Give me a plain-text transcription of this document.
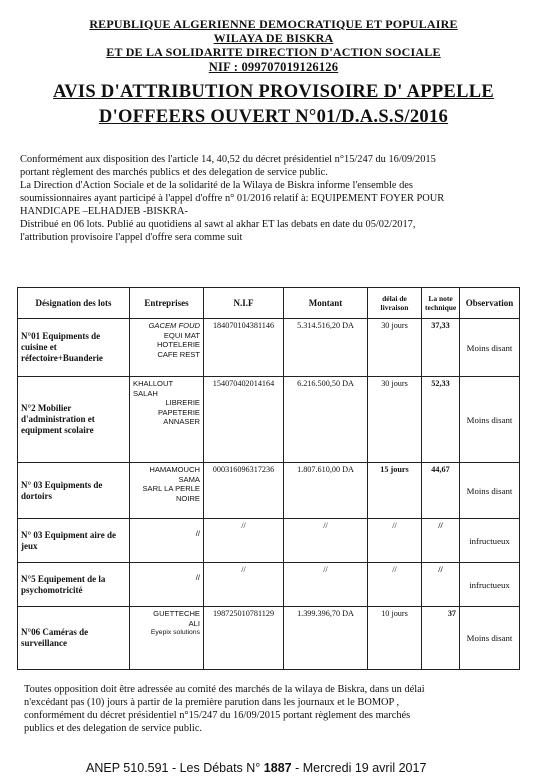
REPUBLIQUE ALGERIENNE DEMOCRATIQUE ET POPULAIRE
WILAYA DE BISKRA
ET DE LA SOLIDARITE DIRECTION D'ACTION SOCIALE
NIF : 099707019126126
AVIS D'ATTRIBUTION PROVISOIRE D' APPELLE
D'OFFEERS OUVERT N°01/D.A.S.S/2016
Conformément aux disposition des l'article 14, 40,52 du décret présidentiel n°15/247 du 16/09/2015
portant règlement des marchés publics et des delegation de service public.
La Direction d'Action Sociale et de la solidarité de la Wilaya de Biskra informe l'ensemble des
soumissionnaires ayant participé à l'appel d'offre n° 01/2016 relatif à: EQUIPEMENT FOYER POUR
HANDICAPE –ELHADJEB -BISKRA-
Distribué en 06 lots. Publié au quotidiens al sawt al akhar ET las debats en date du 05/02/2017,
l'attribution provisoire l'appel d'offre sera comme suit
Désignation des lots	Entreprises	N.I.F	Montant	délai de livraison	La note technique	Observation
N°01 Equipments de cuisine et réfectoire+Buanderie	GACEM FOUD
EQUI MAT
HOTELERIE
CAFE REST	184070104381146	5.314.516,20 DA	30 jours	37,33	Moins disant
N°2 Mobilier d'administration et equipment scolaire	KHALLOUT
SALAH
LIBRERIE
PAPETERIE
ANNASER	154070402014164	6.216.500,50 DA	30 jours	52,33	Moins disant
N° 03 Equipments de dortoirs	HAMAMOUCH
SAMA
SARL LA PERLE
NOIRE	000316096317236	1.807.610,00 DA	15 jours	44,67	Moins disant
N° 03 Equipment aire de jeux	//	//	//	//	//	infructueux
N°5 Equipement de la psychomotricité	//	//	//	//	//	infructueux
N°06 Caméras de surveillance	GUETTECHE
ALI
Eyepix solutions	198725010781129	1.399.396,70 DA	10 jours	37	Moins disant
Toutes opposition doit être adressée au comité des marchés de la wilaya de Biskra, dans un délai
n'excédant pas (10) jours à partir de la première parution dans les journaux et le BOMOP ,
conformément du décret présidentiel n°15/247 du 16/09/2015 portant règlement des marchés
publics et des delegation de service public.
ANEP 510.591 - Les Débats N° 1887 - Mercredi 19 avril 2017
